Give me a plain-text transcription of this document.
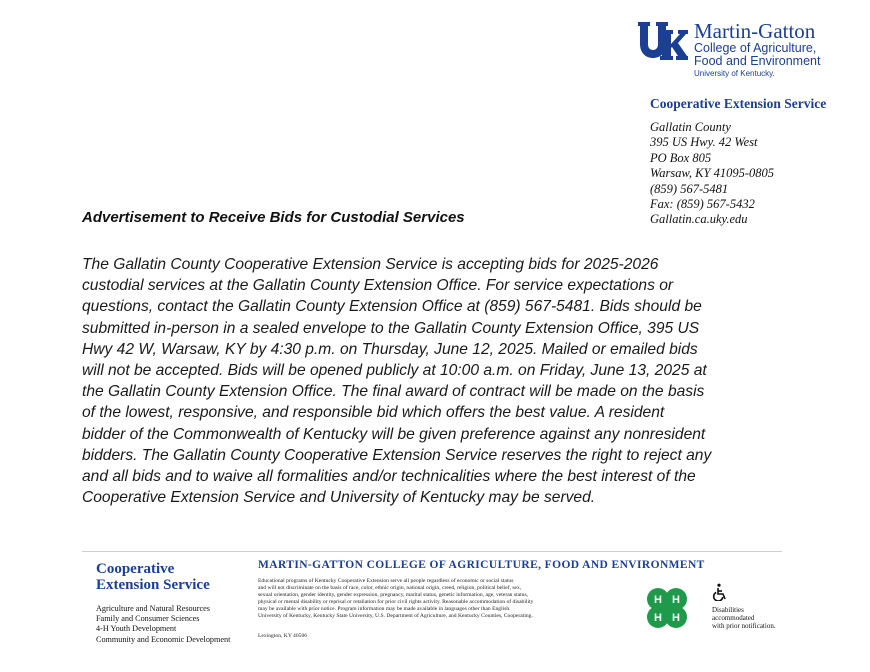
Martin-Gatton
College of Agriculture,
Food and Environment
University of Kentucky.
Cooperative Extension Service
Gallatin County
395 US Hwy. 42 West
PO Box 805
Warsaw, KY 41095-0805
(859) 567-5481
Fax: (859) 567-5432
Gallatin.ca.uky.edu
Advertisement to Receive Bids for Custodial Services
The Gallatin County Cooperative Extension Service is accepting bids for 2025-2026
custodial services at the Gallatin County Extension Office. For service expectations or
questions, contact the Gallatin County Extension Office at (859) 567-5481. Bids should be
submitted in-person in a sealed envelope to the Gallatin County Extension Office, 395 US
Hwy 42 W, Warsaw, KY by 4:30 p.m. on Thursday, June 12, 2025. Mailed or emailed bids
will not be accepted. Bids will be opened publicly at 10:00 a.m. on Friday, June 13, 2025 at
the Gallatin County Extension Office. The final award of contract will be made on the basis
of the lowest, responsive, and responsible bid which offers the best value. A resident
bidder of the Commonwealth of Kentucky will be given preference against any nonresident
bidders. The Gallatin County Cooperative Extension Service reserves the right to reject any
and all bids and to waive all formalities and/or technicalities where the best interest of the
Cooperative Extension Service and University of Kentucky may be served.
Cooperative
Extension Service
Agriculture and Natural Resources
Family and Consumer Sciences
4-H Youth Development
Community and Economic Development
MARTIN-GATTON COLLEGE OF AGRICULTURE, FOOD AND ENVIRONMENT
Educational programs of Kentucky Cooperative Extension serve all people regardless of economic or social status
and will not discriminate on the basis of race, color, ethnic origin, national origin, creed, religion, political belief, sex,
sexual orientation, gender identity, gender expression, pregnancy, marital status, genetic information, age, veteran status,
physical or mental disability or reprisal or retaliation for prior civil rights activity. Reasonable accommodation of disability
may be available with prior notice. Program information may be made available in languages other than English.
University of Kentucky, Kentucky State University, U.S. Department of Agriculture, and Kentucky Counties, Cooperating.
Lexington, KY 40506
H H
H H
Disabilities
accommodated
with prior notification.
